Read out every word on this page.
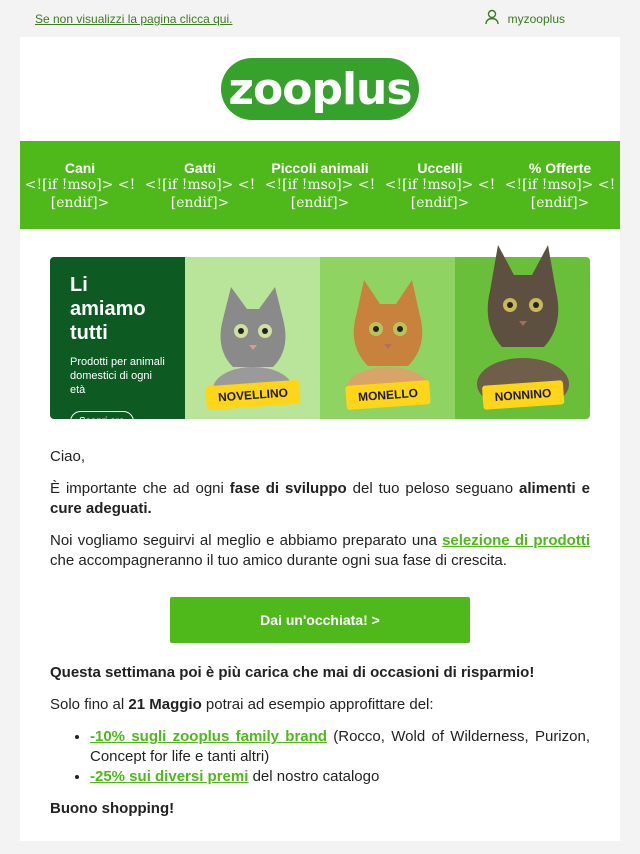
Se non visualizzi la pagina clicca qui.	myzooplus
zooplus
Cani
<![if !mso]> <![endif]>
Gatti
<![if !mso]> <![endif]>
Piccoli animali
<![if !mso]> <![endif]>
Uccelli
<![if !mso]> <![endif]>
% Offerte
<![if !mso]> <![endif]>
Li amiamo tutti
Prodotti per animali domestici di ogni età
Scopri ora
NOVELLINO	MONELLO	NONNINO

Ciao,

È importante che ad ogni fase di sviluppo del tuo peloso seguano alimenti e cure adeguati.

Noi vogliamo seguirvi al meglio e abbiamo preparato una selezione di prodotti che accompagneranno il tuo amico durante ogni sua fase di crescita.

Dai un'occhiata! >

Questa settimana poi è più carica che mai di occasioni di risparmio!

Solo fino al 21 Maggio potrai ad esempio approfittare del:

• -10% sugli zooplus family brand (Rocco, Wold of Wilderness, Purizon, Concept for life e tanti altri)
• -25% sui diversi premi del nostro catalogo

Buono shopping!
